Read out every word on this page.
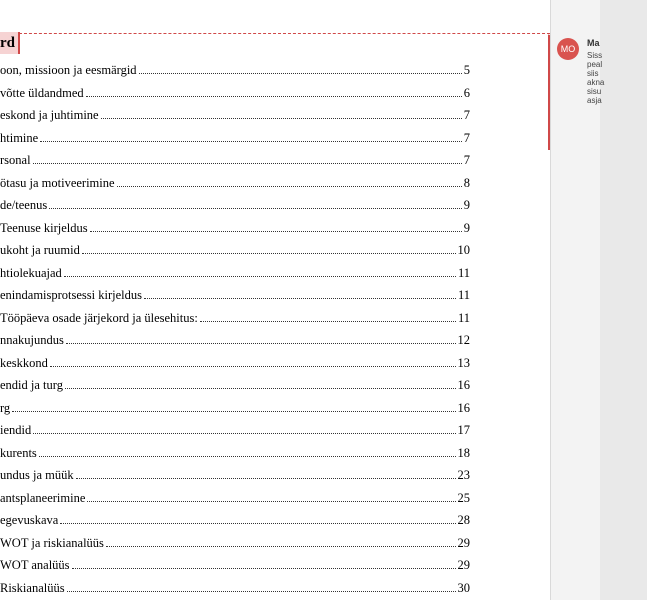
rd
oon, missioon ja eesmärgid	5
võtte üldandmed	6
eskond ja juhtimine	7
htimine	7
rsonal	7
ötasu ja motiveerimine	8
de/teenus	9
Teenuse kirjeldus	9
ukoht ja ruumid	10
htiolekuajad	11
enindamisprotsessi kirjeldus	11
Tööpäeva osade järjekord ja ülesehitus:	11
nnakujundus	12
keskkond	13
endid ja turg	16
rg	16
iendid	17
kurents	18
undus ja müük	23
antsplaneerimine	25
egevuskava	28
WOT ja riskianalüüs	29
WOT analüüs	29
Riskianalüüs	30
MO
Ma
Siss
peal
siis
akna
sisu
asja
